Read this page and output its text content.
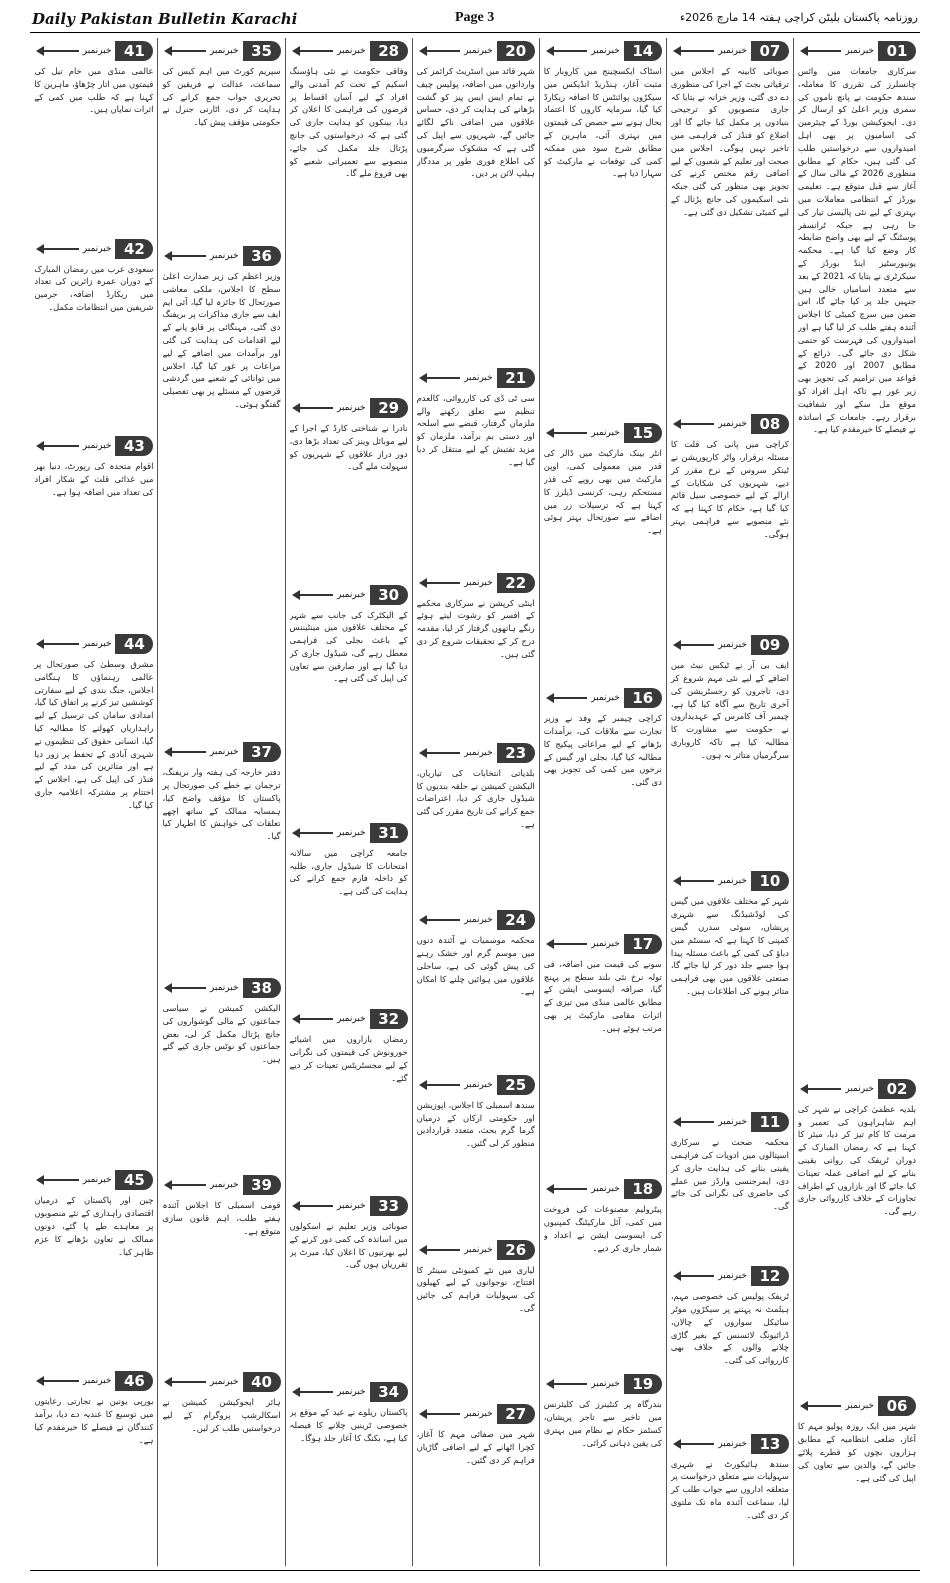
Daily Pakistan Bulletin Karachi	Page 3	روزنامہ پاکستان بلیٹن کراچی ہفتہ 14 مارچ 2026ء
خبرنمبر 01
سرکاری جامعات میں وائس چانسلرز کی تقرری کا معاملہ، سندھ حکومت نے پانچ ناموں کی سمری وزیر اعلیٰ کو ارسال کر دی۔ ایجوکیشن بورڈ کے چیئرمین کی اسامیوں پر بھی اہل امیدواروں سے درخواستیں طلب کی گئی ہیں، حکام کے مطابق منظوری 2026 کے مالی سال کے آغاز سے قبل متوقع ہے۔ تعلیمی بورڈز کے انتظامی معاملات میں بہتری کے لیے نئی پالیسی تیار کی جا رہی ہے جبکہ ٹرانسفر پوسٹنگ کے لیے بھی واضح ضابطہ کار وضع کیا گیا ہے۔ محکمہ یونیورسٹیز اینڈ بورڈز کے سیکرٹری نے بتایا کہ 2021 کے بعد سے متعدد اسامیاں خالی ہیں جنہیں جلد پر کیا جائے گا، اس ضمن میں سرچ کمیٹی کا اجلاس آئندہ ہفتے طلب کر لیا گیا ہے اور امیدواروں کی فہرست کو حتمی شکل دی جائے گی۔ ذرائع کے مطابق 2007 اور 2020 کے قواعد میں ترامیم کی تجویز بھی زیر غور ہے تاکہ اہل افراد کو موقع مل سکے اور شفافیت برقرار رہے۔ جامعات کے اساتذہ نے فیصلے کا خیرمقدم کیا ہے۔
خبرنمبر 02
بلدیہ عظمیٰ کراچی نے شہر کی اہم شاہراہوں کی تعمیر و مرمت کا کام تیز کر دیا، میئر کا کہنا ہے کہ رمضان المبارک کے دوران ٹریفک کی روانی یقینی بنانے کے لیے اضافی عملہ تعینات کیا جائے گا اور بازاروں کے اطراف تجاوزات کے خلاف کارروائی جاری رہے گی۔
خبرنمبر 06
شہر میں ایک روزہ پولیو مہم کا آغاز، ضلعی انتظامیہ کے مطابق ہزاروں بچوں کو قطرے پلائے جائیں گے، والدین سے تعاون کی اپیل کی گئی ہے۔
خبرنمبر 07
صوبائی کابینہ کے اجلاس میں ترقیاتی بجٹ کے اجرا کی منظوری دے دی گئی، وزیر خزانہ نے بتایا کہ جاری منصوبوں کو ترجیحی بنیادوں پر مکمل کیا جائے گا اور اضلاع کو فنڈز کی فراہمی میں تاخیر نہیں ہوگی۔ اجلاس میں صحت اور تعلیم کے شعبوں کے لیے اضافی رقم مختص کرنے کی تجویز بھی منظور کی گئی جبکہ نئی اسکیموں کی جانچ پڑتال کے لیے کمیٹی تشکیل دی گئی ہے۔
خبرنمبر 08
کراچی میں پانی کی قلت کا مسئلہ برقرار، واٹر کارپوریشن نے ٹینکر سروس کے نرخ مقرر کر دیے، شہریوں کی شکایات کے ازالے کے لیے خصوصی سیل قائم کیا گیا ہے، حکام کا کہنا ہے کہ نئے منصوبے سے فراہمی بہتر ہوگی۔
خبرنمبر 09
ایف بی آر نے ٹیکس نیٹ میں اضافے کے لیے نئی مہم شروع کر دی، تاجروں کو رجسٹریشن کی آخری تاریخ سے آگاہ کیا گیا ہے، چیمبر آف کامرس کے عہدیداروں نے حکومت سے مشاورت کا مطالبہ کیا ہے تاکہ کاروباری سرگرمیاں متاثر نہ ہوں۔
خبرنمبر 10
شہر کے مختلف علاقوں میں گیس کی لوڈشیڈنگ سے شہری پریشان، سوئی سدرن گیس کمپنی کا کہنا ہے کہ سسٹم میں دباؤ کی کمی کے باعث مسئلہ پیدا ہوا جسے جلد دور کر لیا جائے گا، صنعتی علاقوں میں بھی فراہمی متاثر ہونے کی اطلاعات ہیں۔
خبرنمبر 11
محکمہ صحت نے سرکاری اسپتالوں میں ادویات کی فراہمی یقینی بنانے کی ہدایت جاری کر دی، ایمرجنسی وارڈز میں عملے کی حاضری کی نگرانی کی جائے گی۔
خبرنمبر 12
ٹریفک پولیس کی خصوصی مہم، ہیلمٹ نہ پہننے پر سیکڑوں موٹر سائیکل سواروں کے چالان، ڈرائیونگ لائسنس کے بغیر گاڑی چلانے والوں کے خلاف بھی کارروائی کی گئی۔
خبرنمبر 13
سندھ ہائیکورٹ نے شہری سہولیات سے متعلق درخواست پر متعلقہ اداروں سے جواب طلب کر لیا، سماعت آئندہ ماہ تک ملتوی کر دی گئی۔
خبرنمبر 14
اسٹاک ایکسچینج میں کاروبار کا مثبت آغاز، ہنڈریڈ انڈیکس میں سیکڑوں پوائنٹس کا اضافہ ریکارڈ کیا گیا، سرمایہ کاروں کا اعتماد بحال ہونے سے حصص کی قیمتوں میں بہتری آئی، ماہرین کے مطابق شرح سود میں ممکنہ کمی کی توقعات نے مارکیٹ کو سہارا دیا ہے۔
خبرنمبر 15
انٹر بینک مارکیٹ میں ڈالر کی قدر میں معمولی کمی، اوپن مارکیٹ میں بھی روپے کی قدر مستحکم رہی، کرنسی ڈیلرز کا کہنا ہے کہ ترسیلات زر میں اضافے سے صورتحال بہتر ہوئی ہے۔
خبرنمبر 16
کراچی چیمبر کے وفد نے وزیر تجارت سے ملاقات کی، برآمدات بڑھانے کے لیے مراعاتی پیکیج کا مطالبہ کیا گیا، بجلی اور گیس کے نرخوں میں کمی کی تجویز بھی دی گئی۔
خبرنمبر 17
سونے کی قیمت میں اضافہ، فی تولہ نرخ نئی بلند سطح پر پہنچ گیا، صرافہ ایسوسی ایشن کے مطابق عالمی منڈی میں تیزی کے اثرات مقامی مارکیٹ پر بھی مرتب ہوئے ہیں۔
خبرنمبر 18
پیٹرولیم مصنوعات کی فروخت میں کمی، آئل مارکیٹنگ کمپنیوں کی ایسوسی ایشن نے اعداد و شمار جاری کر دیے۔
خبرنمبر 19
بندرگاہ پر کنٹینرز کی کلیئرنس میں تاخیر سے تاجر پریشان، کسٹمز حکام نے نظام میں بہتری کی یقین دہانی کرائی۔
خبرنمبر 20
شہر قائد میں اسٹریٹ کرائمز کی وارداتوں میں اضافہ، پولیس چیف نے تمام ایس ایس پیز کو گشت بڑھانے کی ہدایت کر دی، حساس علاقوں میں اضافی ناکے لگائے جائیں گے، شہریوں سے اپیل کی گئی ہے کہ مشکوک سرگرمیوں کی اطلاع فوری طور پر مددگار ہیلپ لائن پر دیں۔
خبرنمبر 21
سی ٹی ڈی کی کارروائی، کالعدم تنظیم سے تعلق رکھنے والے ملزمان گرفتار، قبضے سے اسلحہ اور دستی بم برآمد، ملزمان کو مزید تفتیش کے لیے منتقل کر دیا گیا ہے۔
خبرنمبر 22
اینٹی کرپشن نے سرکاری محکمے کے افسر کو رشوت لیتے ہوئے رنگے ہاتھوں گرفتار کر لیا، مقدمہ درج کر کے تحقیقات شروع کر دی گئی ہیں۔
خبرنمبر 23
بلدیاتی انتخابات کی تیاریاں، الیکشن کمیشن نے حلقہ بندیوں کا شیڈول جاری کر دیا، اعتراضات جمع کرانے کی تاریخ مقرر کی گئی ہے۔
خبرنمبر 24
محکمہ موسمیات نے آئندہ دنوں میں موسم گرم اور خشک رہنے کی پیش گوئی کی ہے، ساحلی علاقوں میں ہوائیں چلنے کا امکان ہے۔
خبرنمبر 25
سندھ اسمبلی کا اجلاس، اپوزیشن اور حکومتی ارکان کے درمیان گرما گرم بحث، متعدد قراردادیں منظور کر لی گئیں۔
خبرنمبر 26
لیاری میں نئے کمیونٹی سینٹر کا افتتاح، نوجوانوں کے لیے کھیلوں کی سہولیات فراہم کی جائیں گی۔
خبرنمبر 27
شہر میں صفائی مہم کا آغاز، کچرا اٹھانے کے لیے اضافی گاڑیاں فراہم کر دی گئیں۔
خبرنمبر 28
وفاقی حکومت نے نئی ہاؤسنگ اسکیم کے تحت کم آمدنی والے افراد کے لیے آسان اقساط پر قرضوں کی فراہمی کا اعلان کر دیا، بینکوں کو ہدایت جاری کی گئی ہے کہ درخواستوں کی جانچ پڑتال جلد مکمل کی جائے، منصوبے سے تعمیراتی شعبے کو بھی فروغ ملے گا۔
خبرنمبر 29
نادرا نے شناختی کارڈ کے اجرا کے لیے موبائل وینز کی تعداد بڑھا دی، دور دراز علاقوں کے شہریوں کو سہولت ملے گی۔
خبرنمبر 30
کے الیکٹرک کی جانب سے شہر کے مختلف علاقوں میں مینٹیننس کے باعث بجلی کی فراہمی معطل رہے گی، شیڈول جاری کر دیا گیا ہے اور صارفین سے تعاون کی اپیل کی گئی ہے۔
خبرنمبر 31
جامعہ کراچی میں سالانہ امتحانات کا شیڈول جاری، طلبہ کو داخلہ فارم جمع کرانے کی ہدایت کی گئی ہے۔
خبرنمبر 32
رمضان بازاروں میں اشیائے خورونوش کی قیمتوں کی نگرانی کے لیے مجسٹریٹس تعینات کر دیے گئے۔
خبرنمبر 33
صوبائی وزیر تعلیم نے اسکولوں میں اساتذہ کی کمی دور کرنے کے لیے بھرتیوں کا اعلان کیا، میرٹ پر تقرریاں ہوں گی۔
خبرنمبر 34
پاکستان ریلوے نے عید کے موقع پر خصوصی ٹرینیں چلانے کا فیصلہ کیا ہے، بکنگ کا آغاز جلد ہوگا۔
خبرنمبر 35
سپریم کورٹ میں اہم کیس کی سماعت، عدالت نے فریقین کو تحریری جواب جمع کرانے کی ہدایت کر دی، اٹارنی جنرل نے حکومتی مؤقف پیش کیا۔
خبرنمبر 36
وزیر اعظم کی زیر صدارت اعلیٰ سطح کا اجلاس، ملکی معاشی صورتحال کا جائزہ لیا گیا، آئی ایم ایف سے جاری مذاکرات پر بریفنگ دی گئی، مہنگائی پر قابو پانے کے لیے اقدامات کی ہدایت کی گئی اور برآمدات میں اضافے کے لیے مراعات پر غور کیا گیا، اجلاس میں توانائی کے شعبے میں گردشی قرضوں کے مسئلے پر بھی تفصیلی گفتگو ہوئی۔
خبرنمبر 37
دفتر خارجہ کی ہفتہ وار بریفنگ، ترجمان نے خطے کی صورتحال پر پاکستان کا مؤقف واضح کیا، ہمسایہ ممالک کے ساتھ اچھے تعلقات کی خواہش کا اظہار کیا گیا۔
خبرنمبر 38
الیکشن کمیشن نے سیاسی جماعتوں کے مالی گوشواروں کی جانچ پڑتال مکمل کر لی، بعض جماعتوں کو نوٹس جاری کیے گئے ہیں۔
خبرنمبر 39
قومی اسمبلی کا اجلاس آئندہ ہفتے طلب، اہم قانون سازی متوقع ہے۔
خبرنمبر 40
ہائر ایجوکیشن کمیشن نے اسکالرشپ پروگرام کے لیے درخواستیں طلب کر لیں۔
خبرنمبر 41
عالمی منڈی میں خام تیل کی قیمتوں میں اتار چڑھاؤ، ماہرین کا کہنا ہے کہ طلب میں کمی کے اثرات نمایاں ہیں۔
خبرنمبر 42
سعودی عرب میں رمضان المبارک کے دوران عمرہ زائرین کی تعداد میں ریکارڈ اضافہ، حرمین شریفین میں انتظامات مکمل۔
خبرنمبر 43
اقوام متحدہ کی رپورٹ، دنیا بھر میں غذائی قلت کے شکار افراد کی تعداد میں اضافہ ہوا ہے۔
خبرنمبر 44
مشرق وسطیٰ کی صورتحال پر عالمی رہنماؤں کا ہنگامی اجلاس، جنگ بندی کے لیے سفارتی کوششیں تیز کرنے پر اتفاق کیا گیا، امدادی سامان کی ترسیل کے لیے راہداریاں کھولنے کا مطالبہ کیا گیا، انسانی حقوق کی تنظیموں نے شہری آبادی کے تحفظ پر زور دیا ہے اور متاثرین کی مدد کے لیے فنڈز کی اپیل کی ہے، اجلاس کے اختتام پر مشترکہ اعلامیہ جاری کیا گیا۔
خبرنمبر 45
چین اور پاکستان کے درمیان اقتصادی راہداری کے نئے منصوبوں پر معاہدے طے پا گئے، دونوں ممالک نے تعاون بڑھانے کا عزم ظاہر کیا۔
خبرنمبر 46
یورپی یونین نے تجارتی رعایتوں میں توسیع کا عندیہ دے دیا، برآمد کنندگان نے فیصلے کا خیرمقدم کیا ہے۔
